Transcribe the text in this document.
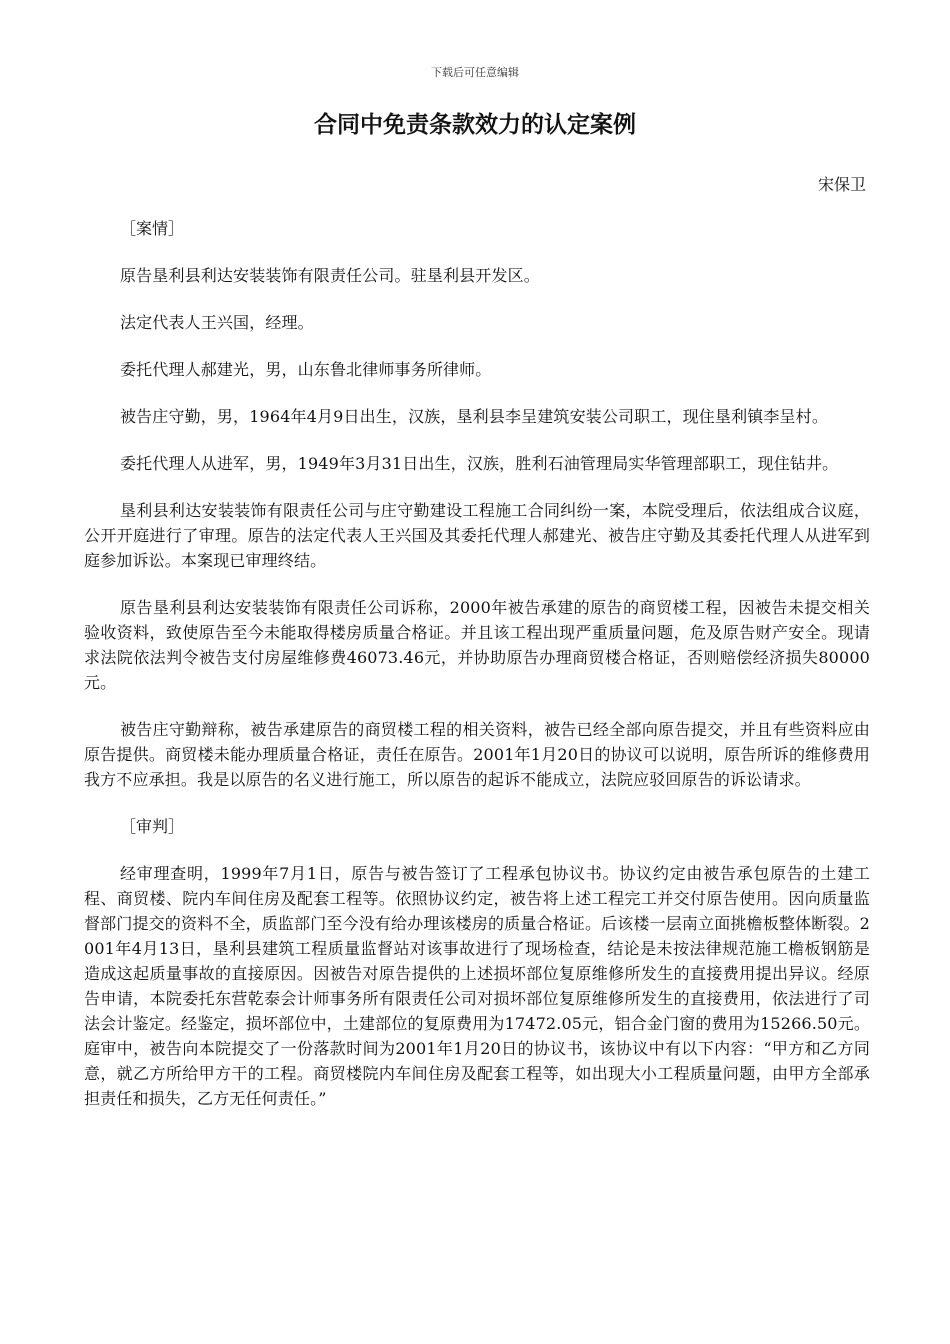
下载后可任意编辑
合同中免责条款效力的认定案例
宋保卫

［案情］

原告垦利县利达安装装饰有限责任公司。驻垦利县开发区。

法定代表人王兴国，经理。

委托代理人郝建光，男，山东鲁北律师事务所律师。

被告庄守勤，男，1964年4月9日出生，汉族，垦利县李呈建筑安装公司职工，现住垦利镇李呈村。

委托代理人从进军，男，1949年3月31日出生，汉族，胜利石油管理局实华管理部职工，现住钻井。

垦利县利达安装装饰有限责任公司与庄守勤建设工程施工合同纠纷一案，本院受理后，依法组成合议庭，公开开庭进行了审理。原告的法定代表人王兴国及其委托代理人郝建光、被告庄守勤及其委托代理人从进军到庭参加诉讼。本案现已审理终结。

原告垦利县利达安装装饰有限责任公司诉称，2000年被告承建的原告的商贸楼工程，因被告未提交相关验收资料，致使原告至今未能取得楼房质量合格证。并且该工程出现严重质量问题，危及原告财产安全。现请求法院依法判令被告支付房屋维修费46073.46元，并协助原告办理商贸楼合格证，否则赔偿经济损失80000元。

被告庄守勤辩称，被告承建原告的商贸楼工程的相关资料，被告已经全部向原告提交，并且有些资料应由原告提供。商贸楼未能办理质量合格证，责任在原告。2001年1月20日的协议可以说明，原告所诉的维修费用我方不应承担。我是以原告的名义进行施工，所以原告的起诉不能成立，法院应驳回原告的诉讼请求。

［审判］

经审理查明，1999年7月1日，原告与被告签订了工程承包协议书。协议约定由被告承包原告的土建工程、商贸楼、院内车间住房及配套工程等。依照协议约定，被告将上述工程完工并交付原告使用。因向质量监督部门提交的资料不全，质监部门至今没有给办理该楼房的质量合格证。后该楼一层南立面挑檐板整体断裂。2001年4月13日，垦利县建筑工程质量监督站对该事故进行了现场检查，结论是未按法律规范施工檐板钢筋是造成这起质量事故的直接原因。因被告对原告提供的上述损坏部位复原维修所发生的直接费用提出异议。经原告申请，本院委托东营乾泰会计师事务所有限责任公司对损坏部位复原维修所发生的直接费用，依法进行了司法会计鉴定。经鉴定，损坏部位中，土建部位的复原费用为17472.05元，铝合金门窗的费用为15266.50元。庭审中，被告向本院提交了一份落款时间为2001年1月20日的协议书，该协议中有以下内容：“甲方和乙方同意，就乙方所给甲方干的工程。商贸楼院内车间住房及配套工程等，如出现大小工程质量问题，由甲方全部承担责任和损失，乙方无任何责任。”
